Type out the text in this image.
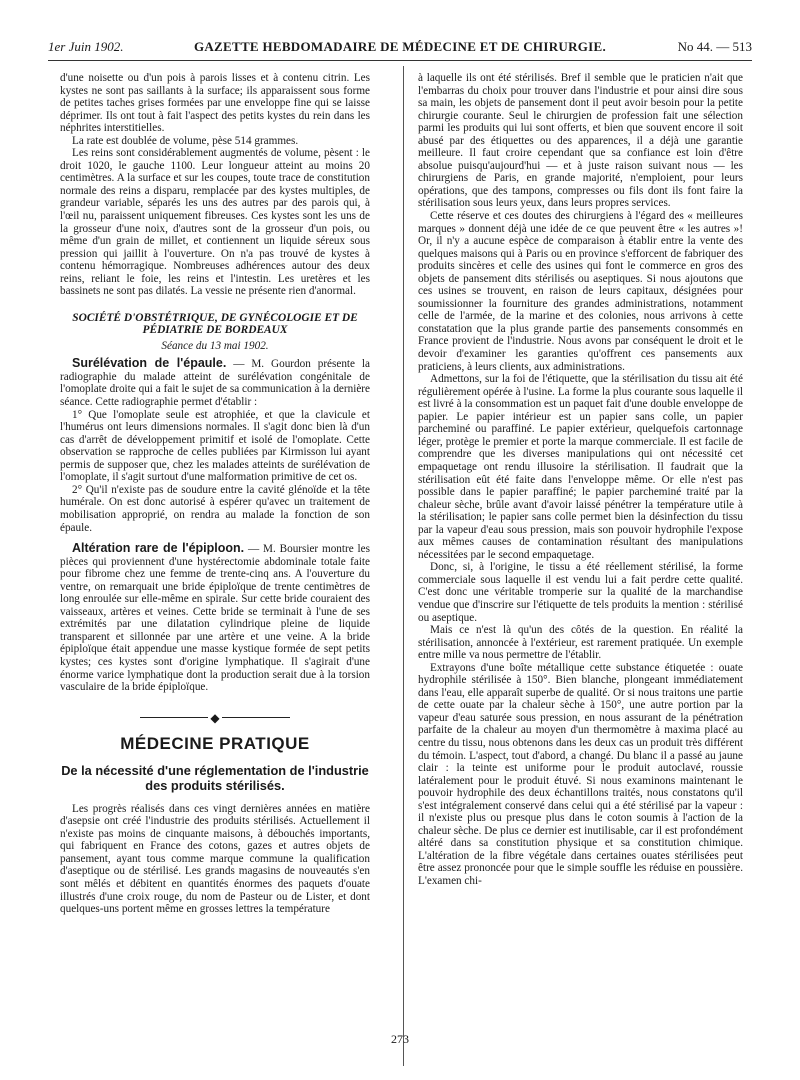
1er Juin 1902.	GAZETTE HEBDOMADAIRE DE MÉDECINE ET DE CHIRURGIE.	No 44. — 513

d'une noisette ou d'un pois à parois lisses et à contenu citrin. Les kystes ne sont pas saillants à la surface; ils apparaissent sous forme de petites taches grises formées par une enveloppe fine qui se laisse déprimer. Ils ont tout à fait l'aspect des petits kystes du rein dans les néphrites interstitielles.

La rate est doublée de volume, pèse 514 grammes.

Les reins sont considérablement augmentés de volume, pèsent : le droit 1020, le gauche 1100. Leur longueur atteint au moins 20 centimètres. A la surface et sur les coupes, toute trace de constitution normale des reins a disparu, remplacée par des kystes multiples, de grandeur variable, séparés les uns des autres par des parois qui, à l'œil nu, paraissent uniquement fibreuses. Ces kystes sont les uns de la grosseur d'une noix, d'autres sont de la grosseur d'un pois, ou même d'un grain de millet, et contiennent un liquide séreux sous pression qui jaillit à l'ouverture. On n'a pas trouvé de kystes à contenu hémorragique. Nombreuses adhérences autour des deux reins, reliant le foie, les reins et l'intestin. Les uretères et les bassinets ne sont pas dilatés. La vessie ne présente rien d'anormal.

SOCIÉTÉ D'OBSTÉTRIQUE, DE GYNÉCOLOGIE ET DE PÉDIATRIE DE BORDEAUX
Séance du 13 mai 1902.

Surélévation de l'épaule. — M. Gourdon présente la radiographie du malade atteint de surélévation congénitale de l'omoplate droite qui a fait le sujet de sa communication à la dernière séance. Cette radiographie permet d'établir :

1° Que l'omoplate seule est atrophiée, et que la clavicule et l'humérus ont leurs dimensions normales. Il s'agit donc bien là d'un cas d'arrêt de développement primitif et isolé de l'omoplate. Cette observation se rapproche de celles publiées par Kirmisson lui ayant permis de supposer que, chez les malades atteints de surélévation de l'omoplate, il s'agit surtout d'une malformation primitive de cet os.

2° Qu'il n'existe pas de soudure entre la cavité glénoïde et la tête humérale. On est donc autorisé à espérer qu'avec un traitement de mobilisation approprié, on rendra au malade la fonction de son épaule.

Altération rare de l'épiploon. — M. Boursier montre les pièces qui proviennent d'une hystérectomie abdominale totale faite pour fibrome chez une femme de trente-cinq ans. A l'ouverture du ventre, on remarquait une bride épiploïque de trente centimètres de long enroulée sur elle-même en spirale. Sur cette bride couraient des vaisseaux, artères et veines. Cette bride se terminait à l'une de ses extrémités par une dilatation cylindrique pleine de liquide transparent et sillonnée par une artère et une veine. A la bride épiploïque était appendue une masse kystique formée de sept petits kystes; ces kystes sont d'origine lymphatique. Il s'agirait d'une énorme varice lymphatique dont la production serait due à la torsion vasculaire de la bride épiploïque.

◆
MÉDECINE PRATIQUE
De la nécessité d'une réglementation de l'industrie des produits stérilisés.

Les progrès réalisés dans ces vingt dernières années en matière d'asepsie ont créé l'industrie des produits stérilisés. Actuellement il n'existe pas moins de cinquante maisons, à débouchés importants, qui fabriquent en France des cotons, gazes et autres objets de pansement, ayant tous comme marque commune la qualification d'aseptique ou de stérilisé. Les grands magasins de nouveautés s'en sont mêlés et débitent en quantités énormes des paquets d'ouate illustrés d'une croix rouge, du nom de Pasteur ou de Lister, et dont quelques-uns portent même en grosses lettres la température

à laquelle ils ont été stérilisés. Bref il semble que le praticien n'ait que l'embarras du choix pour trouver dans l'industrie et pour ainsi dire sous sa main, les objets de pansement dont il peut avoir besoin pour la petite chirurgie courante. Seul le chirurgien de profession fait une sélection parmi les produits qui lui sont offerts, et bien que souvent encore il soit abusé par des étiquettes ou des apparences, il a déjà une garantie meilleure. Il faut croire cependant que sa confiance est loin d'être absolue puisqu'aujourd'hui — et à juste raison suivant nous — les chirurgiens de Paris, en grande majorité, n'emploient, pour leurs opérations, que des tampons, compresses ou fils dont ils font faire la stérilisation sous leurs yeux, dans leurs propres services.

Cette réserve et ces doutes des chirurgiens à l'égard des « meilleures marques » donnent déjà une idée de ce que peuvent être « les autres »! Or, il n'y a aucune espèce de comparaison à établir entre la vente des quelques maisons qui à Paris ou en province s'efforcent de fabriquer des produits sincères et celle des usines qui font le commerce en gros des objets de pansement dits stérilisés ou aseptiques. Si nous ajoutons que ces usines se trouvent, en raison de leurs capitaux, désignées pour soumissionner la fourniture des grandes administrations, notamment celle de l'armée, de la marine et des colonies, nous arrivons à cette constatation que la plus grande partie des pansements consommés en France provient de l'industrie. Nous avons par conséquent le droit et le devoir d'examiner les garanties qu'offrent ces pansements aux praticiens, à leurs clients, aux administrations.

Admettons, sur la foi de l'étiquette, que la stérilisation du tissu ait été régulièrement opérée à l'usine. La forme la plus courante sous laquelle il est livré à la consommation est un paquet fait d'une double enveloppe de papier. Le papier intérieur est un papier sans colle, un papier parcheminé ou paraffiné. Le papier extérieur, quelquefois cartonnage léger, protège le premier et porte la marque commerciale. Il est facile de comprendre que les diverses manipulations qui ont nécessité cet empaquetage ont rendu illusoire la stérilisation. Il faudrait que la stérilisation eût été faite dans l'enveloppe même. Or elle n'est pas possible dans le papier paraffiné; le papier parcheminé traité par la chaleur sèche, brûle avant d'avoir laissé pénétrer la température utile à la stérilisation; le papier sans colle permet bien la désinfection du tissu par la vapeur d'eau sous pression, mais son pouvoir hydrophile l'expose aux mêmes causes de contamination résultant des manipulations nécessitées par le second empaquetage.

Donc, si, à l'origine, le tissu a été réellement stérilisé, la forme commerciale sous laquelle il est vendu lui a fait perdre cette qualité. C'est donc une véritable tromperie sur la qualité de la marchandise vendue que d'inscrire sur l'étiquette de tels produits la mention : stérilisé ou aseptique.

Mais ce n'est là qu'un des côtés de la question. En réalité la stérilisation, annoncée à l'extérieur, est rarement pratiquée. Un exemple entre mille va nous permettre de l'établir.

Extrayons d'une boîte métallique cette substance étiquetée : ouate hydrophile stérilisée à 150°. Bien blanche, plongeant immédiatement dans l'eau, elle apparaît superbe de qualité. Or si nous traitons une partie de cette ouate par la chaleur sèche à 150°, une autre portion par la vapeur d'eau saturée sous pression, en nous assurant de la pénétration parfaite de la chaleur au moyen d'un thermomètre à maxima placé au centre du tissu, nous obtenons dans les deux cas un produit très différent du témoin. L'aspect, tout d'abord, a changé. Du blanc il a passé au jaune clair : la teinte est uniforme pour le produit autoclavé, roussie latéralement pour le produit étuvé. Si nous examinons maintenant le pouvoir hydrophile des deux échantillons traités, nous constatons qu'il s'est intégralement conservé dans celui qui a été stérilisé par la vapeur : il n'existe plus ou presque plus dans le coton soumis à l'action de la chaleur sèche. De plus ce dernier est inutilisable, car il est profondément altéré dans sa constitution physique et sa constitution chimique. L'altération de la fibre végétale dans certaines ouates stérilisées peut être assez prononcée pour que le simple souffle les réduise en poussière. L'examen chi-

273
